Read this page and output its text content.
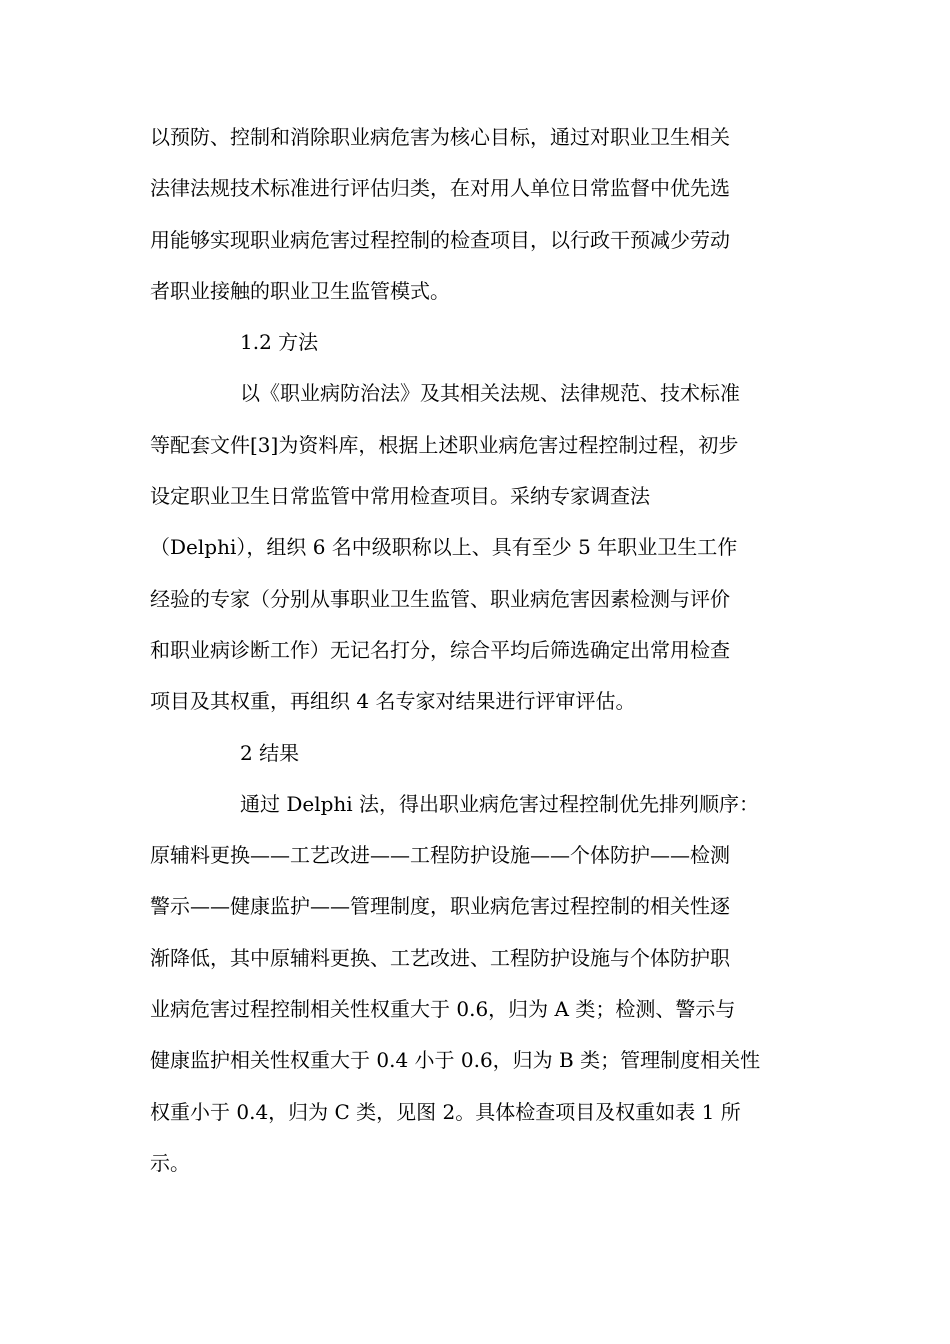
以预防、控制和消除职业病危害为核心目标，通过对职业卫生相关
法律法规技术标准进行评估归类，在对用人单位日常监督中优先选
用能够实现职业病危害过程控制的检查项目，以行政干预减少劳动
者职业接触的职业卫生监管模式。
1.2 方法
以《职业病防治法》及其相关法规、法律规范、技术标准
等配套文件[3]为资料库，根据上述职业病危害过程控制过程，初步
设定职业卫生日常监管中常用检查项目。采纳专家调查法
（Delphi），组织 6 名中级职称以上、具有至少 5 年职业卫生工作
经验的专家（分别从事职业卫生监管、职业病危害因素检测与评价
和职业病诊断工作）无记名打分，综合平均后筛选确定出常用检查
项目及其权重，再组织 4 名专家对结果进行评审评估。
2 结果
通过 Delphi 法，得出职业病危害过程控制优先排列顺序：
原辅料更换——工艺改进——工程防护设施——个体防护——检测
警示——健康监护——管理制度，职业病危害过程控制的相关性逐
渐降低，其中原辅料更换、工艺改进、工程防护设施与个体防护职
业病危害过程控制相关性权重大于 0.6，归为 A 类；检测、警示与
健康监护相关性权重大于 0.4 小于 0.6，归为 B 类；管理制度相关性
权重小于 0.4，归为 C 类，见图 2。具体检查项目及权重如表 1 所
示。
